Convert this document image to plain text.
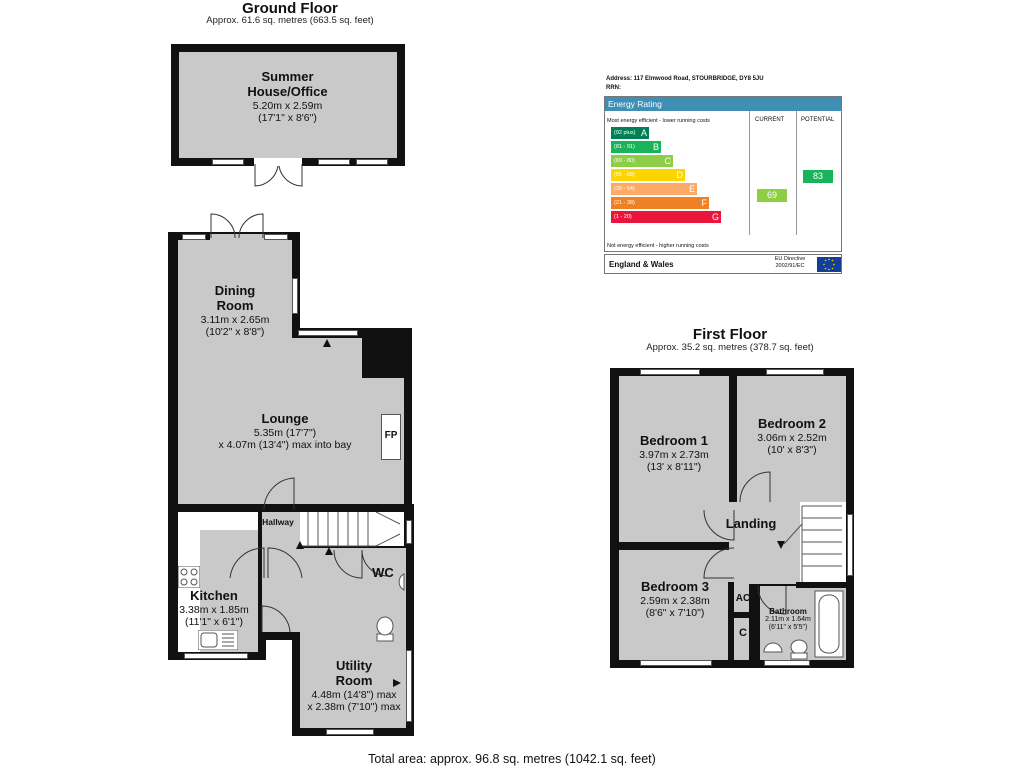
Ground Floor
Approx. 61.6 sq. metres (663.5 sq. feet)
Summer
House/Office
5.20m x 2.59m
(17'1" x 8'6")
FP
Dining
Room
3.11m x 2.65m
(10'2" x 8'8")
Lounge
5.35m (17'7")
x 4.07m (13'4") max into bay
Hallway
WC
Kitchen
3.38m x 1.85m
(11'1" x 6'1")
Utility
Room
4.48m (14'8") max
x 2.38m (7'10") max
Address: 117 Elmwood Road, STOURBRIDGE, DY8 5JU
RRN:
Energy Rating
Most energy efficient - lower running costs	CURRENT	POTENTIAL
(92 plus) A
(81 - 91) B
(69 - 80)	C
(55 - 68)	D
(39 - 54)	E
(21 - 38)	F
(1 - 20)	G
69
83
Not energy efficient - higher running costs
England & Wales
EU Directive
2002/91/EC
First Floor
Approx. 35.2 sq. metres (378.7 sq. feet)
Bedroom 1
3.97m x 2.73m
(13' x 8'11")
Bedroom 2
3.06m x 2.52m
(10' x 8'3")
Landing
Bedroom 3
2.59m x 2.38m
(8'6" x 7'10")
AC
C
Bathroom
2.11m x 1.64m
(6'11" x 5'5")
Total area: approx. 96.8 sq. metres (1042.1 sq. feet)
